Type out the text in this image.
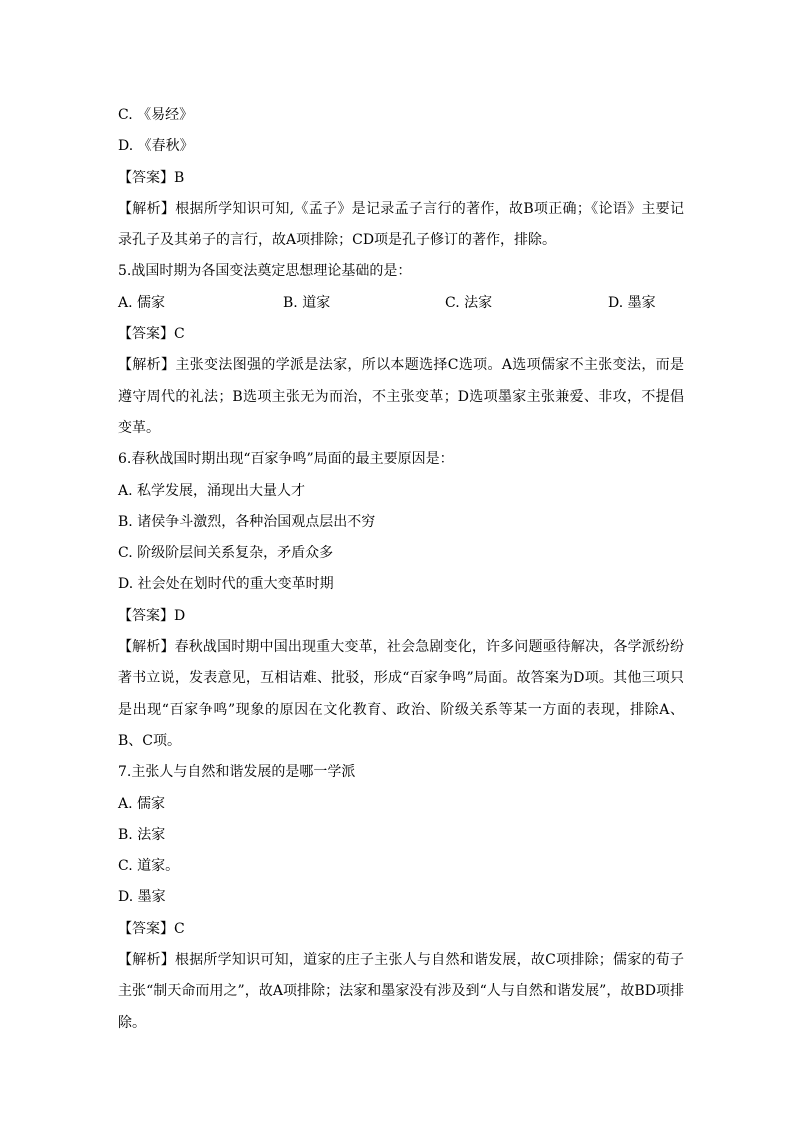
C. 《易经》
D. 《春秋》
【答案】B
【解析】根据所学知识可知,《孟子》是记录孟子言行的著作，故B项正确；《论语》主要记录孔子及其弟子的言行，故A项排除；CD项是孔子修订的著作，排除。
5.战国时期为各国变法奠定思想理论基础的是：
A. 儒家	B. 道家	C. 法家	D. 墨家
【答案】C
【解析】主张变法图强的学派是法家，所以本题选择C选项。A选项儒家不主张变法，而是遵守周代的礼法；B选项主张无为而治，不主张变革；D选项墨家主张兼爱、非攻，不提倡变革。
6.春秋战国时期出现“百家争鸣”局面的最主要原因是：
A. 私学发展，涌现出大量人才
B. 诸侯争斗激烈，各种治国观点层出不穷
C. 阶级阶层间关系复杂，矛盾众多
D. 社会处在划时代的重大变革时期
【答案】D
【解析】春秋战国时期中国出现重大变革，社会急剧变化，许多问题亟待解决，各学派纷纷著书立说，发表意见，互相诘难、批驳，形成“百家争鸣”局面。故答案为D项。其他三项只是出现“百家争鸣”现象的原因在文化教育、政治、阶级关系等某一方面的表现，排除A、B、C项。
7.主张人与自然和谐发展的是哪一学派
A. 儒家
B. 法家
C. 道家。
D. 墨家
【答案】C
【解析】根据所学知识可知，道家的庄子主张人与自然和谐发展，故C项排除；儒家的荀子主张“制天命而用之”，故A项排除；法家和墨家没有涉及到“人与自然和谐发展”，故BD项排除。
